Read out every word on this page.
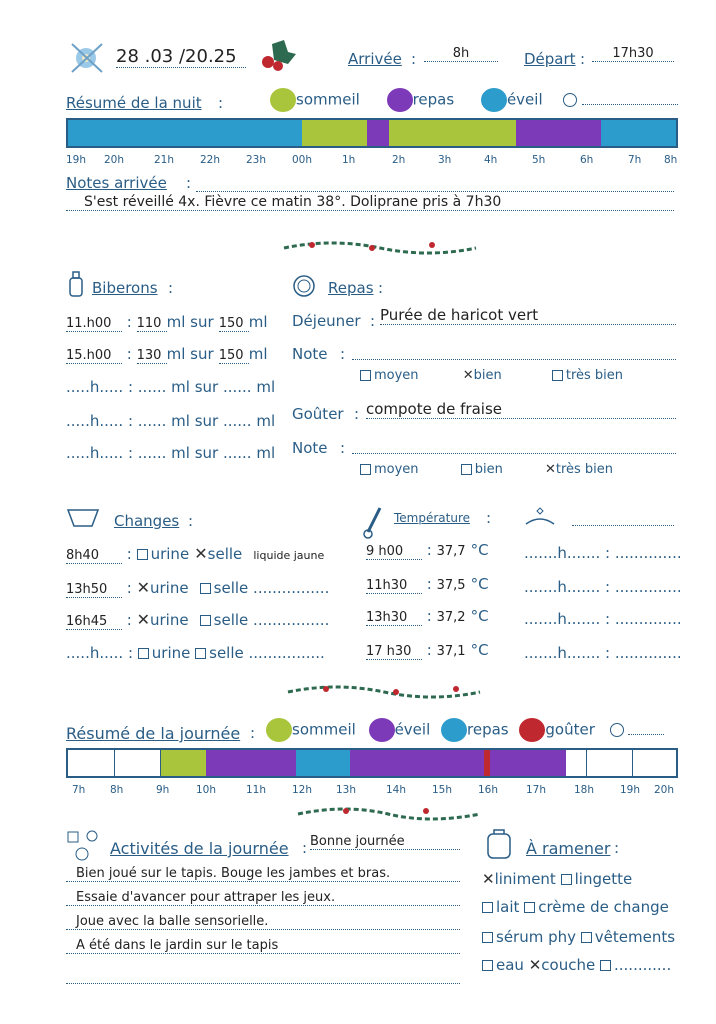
28 .03 /20.25	Arrivée :	8h	Départ :	17h30
Résumé de la nuit :	sommeil	repas	éveil
19h 20h	21h 22h 23h 00h	1h	2h	3h	4h	5h	6h	7h 8h
Notes arrivée :
S'est réveillé 4x. Fièvre ce matin 38°. Doliprane pris à 7h30
Biberons :
11.h00 : 110 ml sur 150 ml
15.h00 : 130 ml sur 150 ml
.....h..... : ...... ml sur ...... ml
.....h..... : ...... ml sur ...... ml
.....h..... : ...... ml sur ...... ml
Repas :
Déjeuner : Purée de haricot vert
Note :
moyen	✕bien	très bien
Goûter : compote de fraise
Note :
moyen	bien	✕très bien
Changes :
8h40 : urine ✕selle liquide jaune
13h50 : ✕urine selle ................
16h45 : ✕urine selle ................
.....h..... : urine selle ................
Température :
9 h00 : 37,7 °C
11h30 : 37,5 °C
13h30 : 37,2 °C
17 h30 : 37,1 °C
.......h....... : ..............
.......h....... : ..............
.......h....... : ..............
.......h....... : ..............
Résumé de la journée :	sommeil	éveil repas goûter
7h 8h	9h	10h	11h 12h 13h	14h 15h 16h	17h	18h 19h 20h
Activités de la journée : Bonne journée
Bien joué sur le tapis. Bouge les jambes et bras.
Essaie d'avancer pour attraper les jeux.
Joue avec la balle sensorielle.
A été dans le jardin sur le tapis
À ramener :
✕liniment lingette
lait crème de change
sérum phy vêtements
eau ✕couche ............
